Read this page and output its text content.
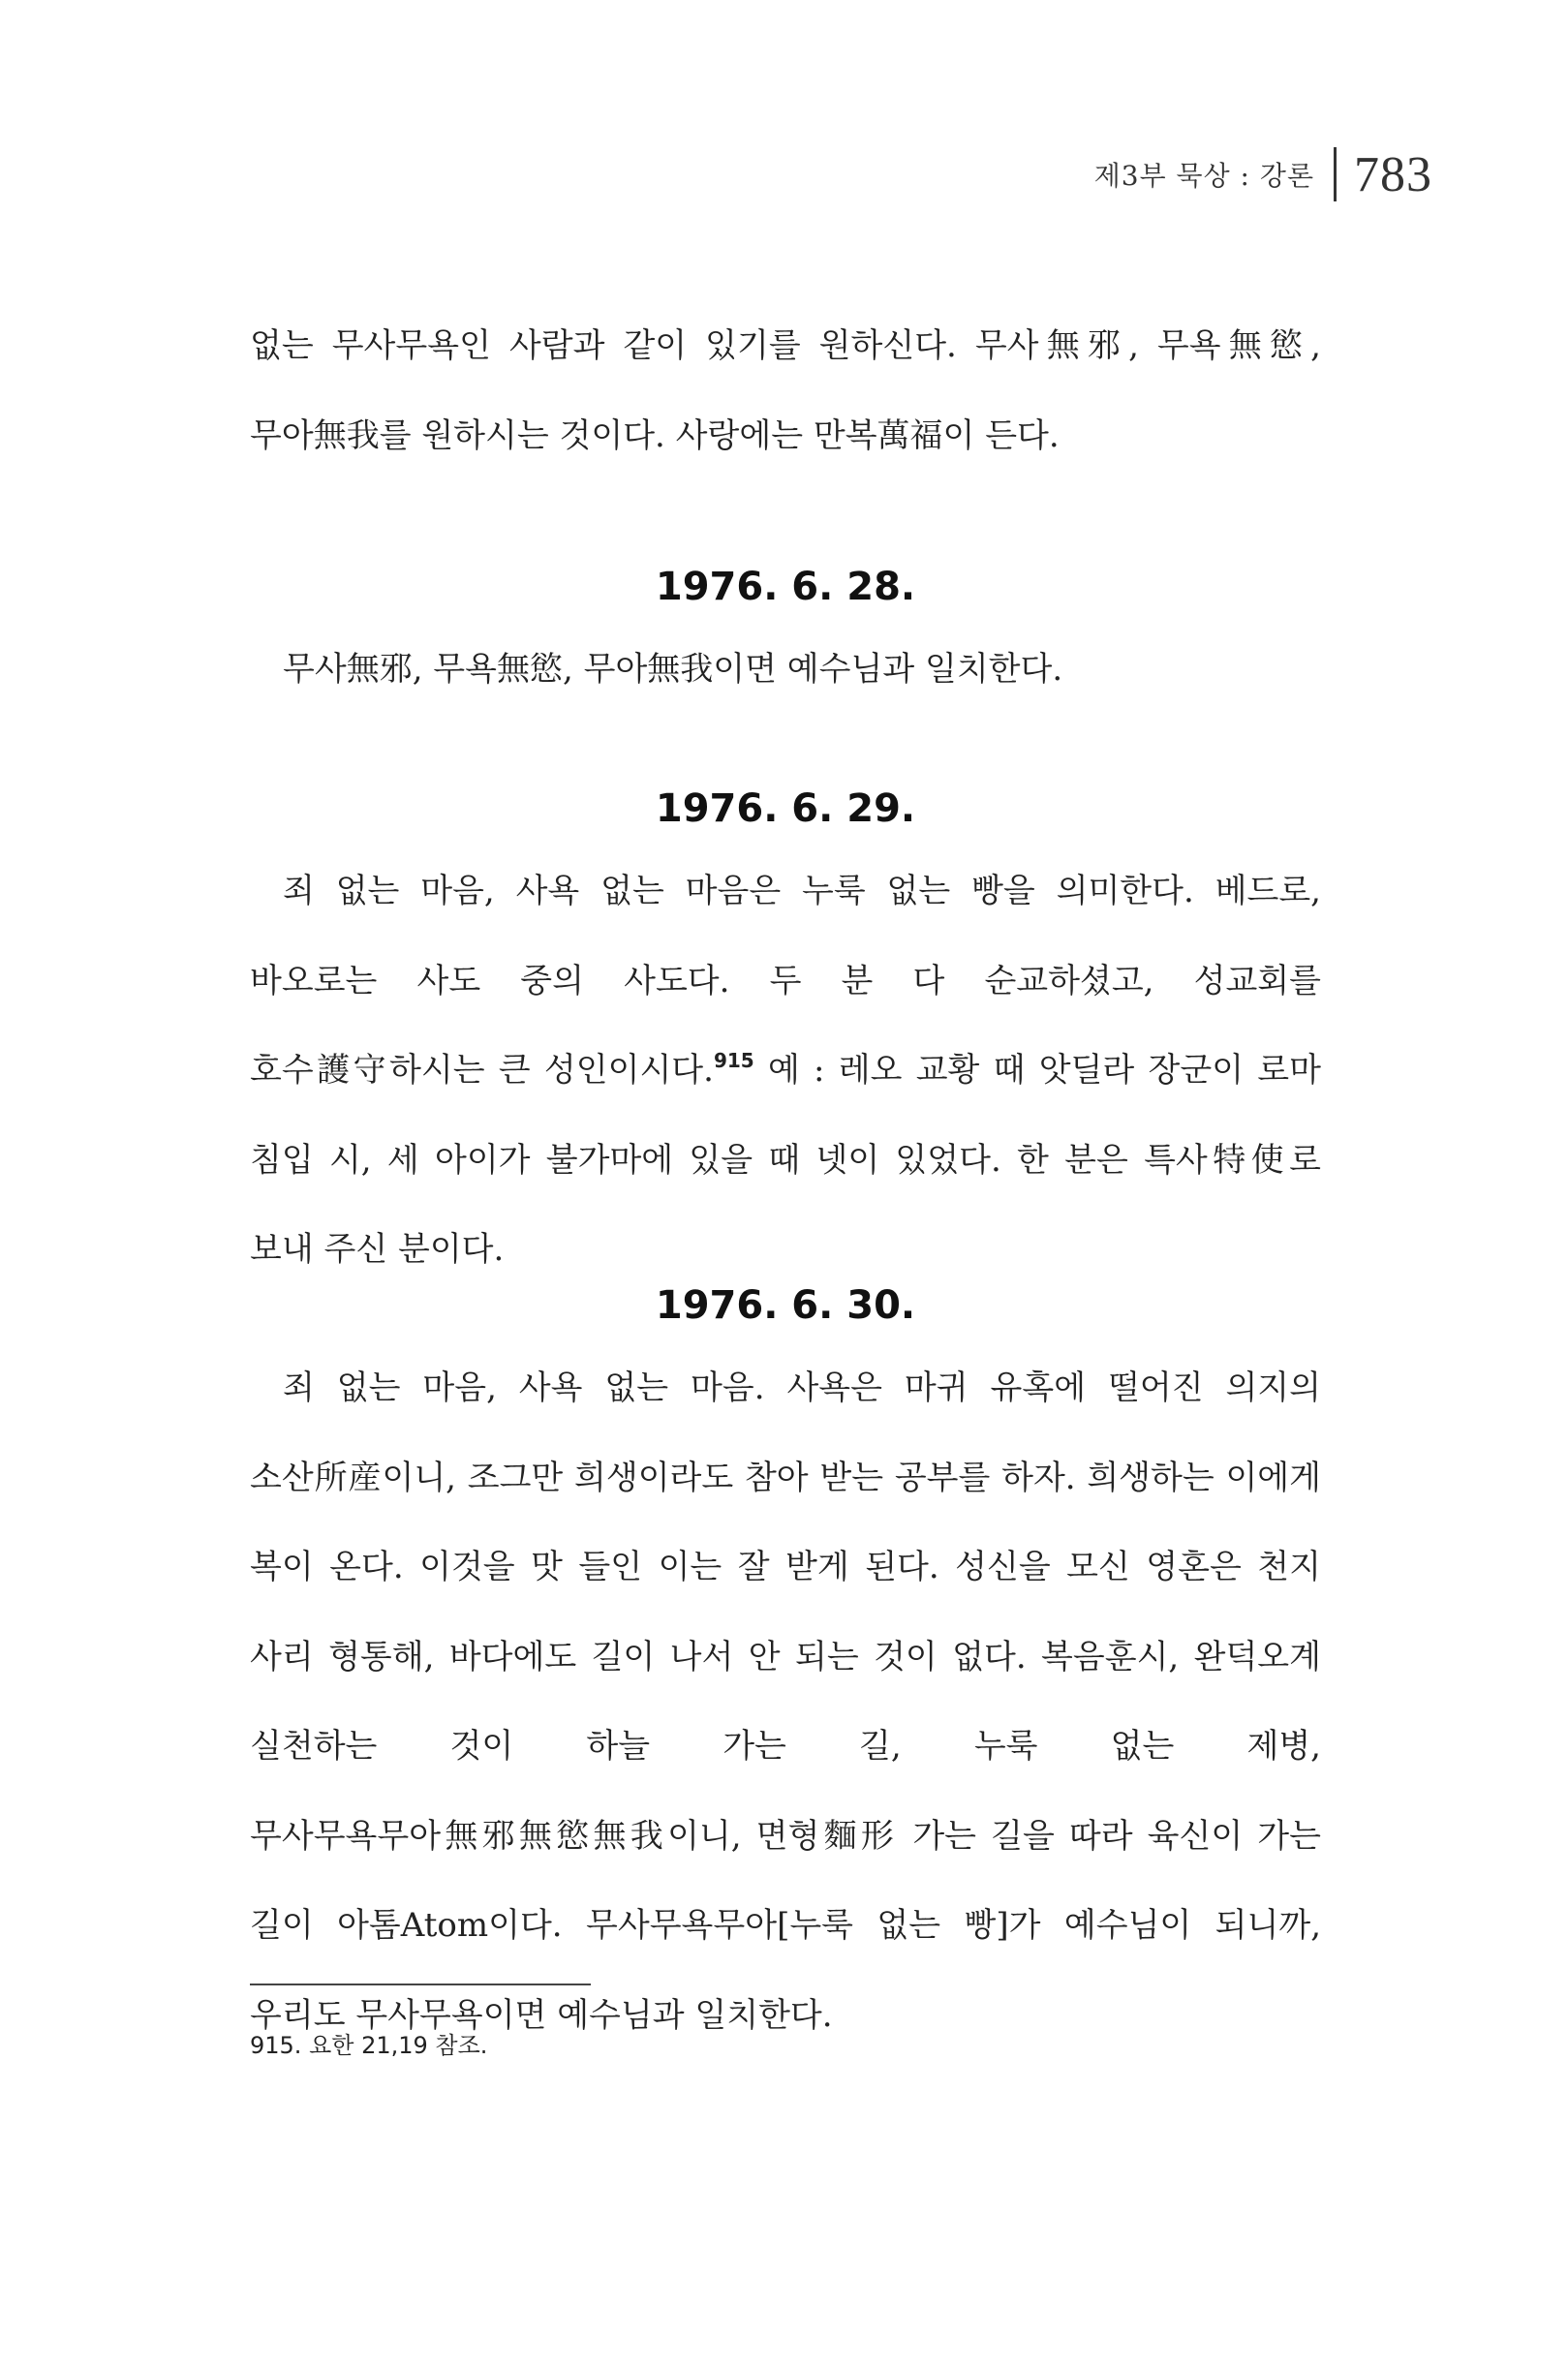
제3부 묵상 : 강론 783

없는 무사무욕인 사람과 같이 있기를 원하신다. 무사無邪, 무욕無慾, 무아無我를 원하시는 것이다. 사랑에는 만복萬福이 든다.

1976. 6. 28.

무사無邪, 무욕無慾, 무아無我이면 예수님과 일치한다.

1976. 6. 29.

죄 없는 마음, 사욕 없는 마음은 누룩 없는 빵을 의미한다. 베드로, 바오로는 사도 중의 사도다. 두 분 다 순교하셨고, 성교회를 호수護守하시는 큰 성인이시다.$^{915}$ 예 : 레오 교황 때 앗딜라 장군이 로마 침입 시, 세 아이가 불가마에 있을 때 넷이 있었다. 한 분은 특사特使로 보내 주신 분이다.

1976. 6. 30.

죄 없는 마음, 사욕 없는 마음. 사욕은 마귀 유혹에 떨어진 의지의 소산所産이니, 조그만 희생이라도 참아 받는 공부를 하자. 희생하는 이에게 복이 온다. 이것을 맛 들인 이는 잘 받게 된다. 성신을 모신 영혼은 천지 사리 형통해, 바다에도 길이 나서 안 되는 것이 없다. 복음훈시, 완덕오계 실천하는 것이 하늘 가는 길, 누룩 없는 제병, 무사무욕무아無邪無慾無我이니, 면형麵形 가는 길을 따라 육신이 가는 길이 아톰Atom이다. 무사무욕무아[누룩 없는 빵]가 예수님이 되니까, 우리도 무사무욕이면 예수님과 일치한다.

915. 요한 21,19 참조.
